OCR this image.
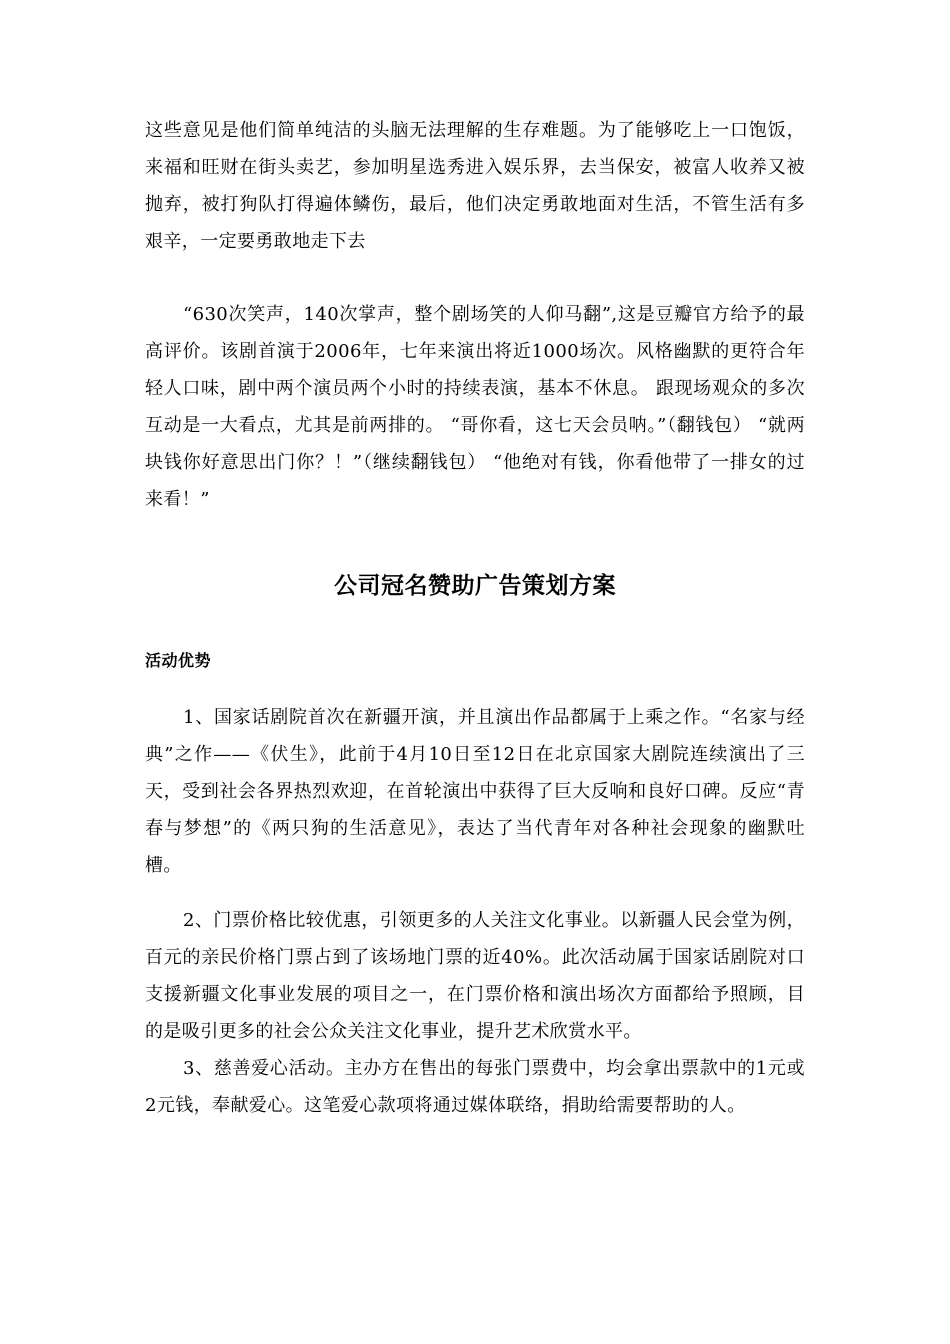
这些意见是他们简单纯洁的头脑无法理解的生存难题。为了能够吃上一口饱饭，来福和旺财在街头卖艺，参加明星选秀进入娱乐界，去当保安，被富人收养又被抛弃，被打狗队打得遍体鳞伤，最后，他们决定勇敢地面对生活，不管生活有多艰辛，一定要勇敢地走下去

“630次笑声，140次掌声，整个剧场笑的人仰马翻”,这是豆瓣官方给予的最高评价。该剧首演于2006年，七年来演出将近1000场次。风格幽默的更符合年轻人口味，剧中两个演员两个小时的持续表演，基本不休息。 跟现场观众的多次互动是一大看点，尤其是前两排的。 “哥你看，这七天会员呐。”（翻钱包） “就两块钱你好意思出门你？！”（继续翻钱包） “他绝对有钱，你看他带了一排女的过来看！”

公司冠名赞助广告策划方案
活动优势

1、国家话剧院首次在新疆开演，并且演出作品都属于上乘之作。“名家与经典”之作——《伏生》，此前于4月10日至12日在北京国家大剧院连续演出了三天，受到社会各界热烈欢迎，在首轮演出中获得了巨大反响和良好口碑。反应“青春与梦想”的《两只狗的生活意见》，表达了当代青年对各种社会现象的幽默吐槽。

2、门票价格比较优惠，引领更多的人关注文化事业。以新疆人民会堂为例，百元的亲民价格门票占到了该场地门票的近40%。此次活动属于国家话剧院对口支援新疆文化事业发展的项目之一，在门票价格和演出场次方面都给予照顾，目的是吸引更多的社会公众关注文化事业，提升艺术欣赏水平。

3、慈善爱心活动。主办方在售出的每张门票费中，均会拿出票款中的1元或2元钱，奉献爱心。这笔爱心款项将通过媒体联络，捐助给需要帮助的人。
